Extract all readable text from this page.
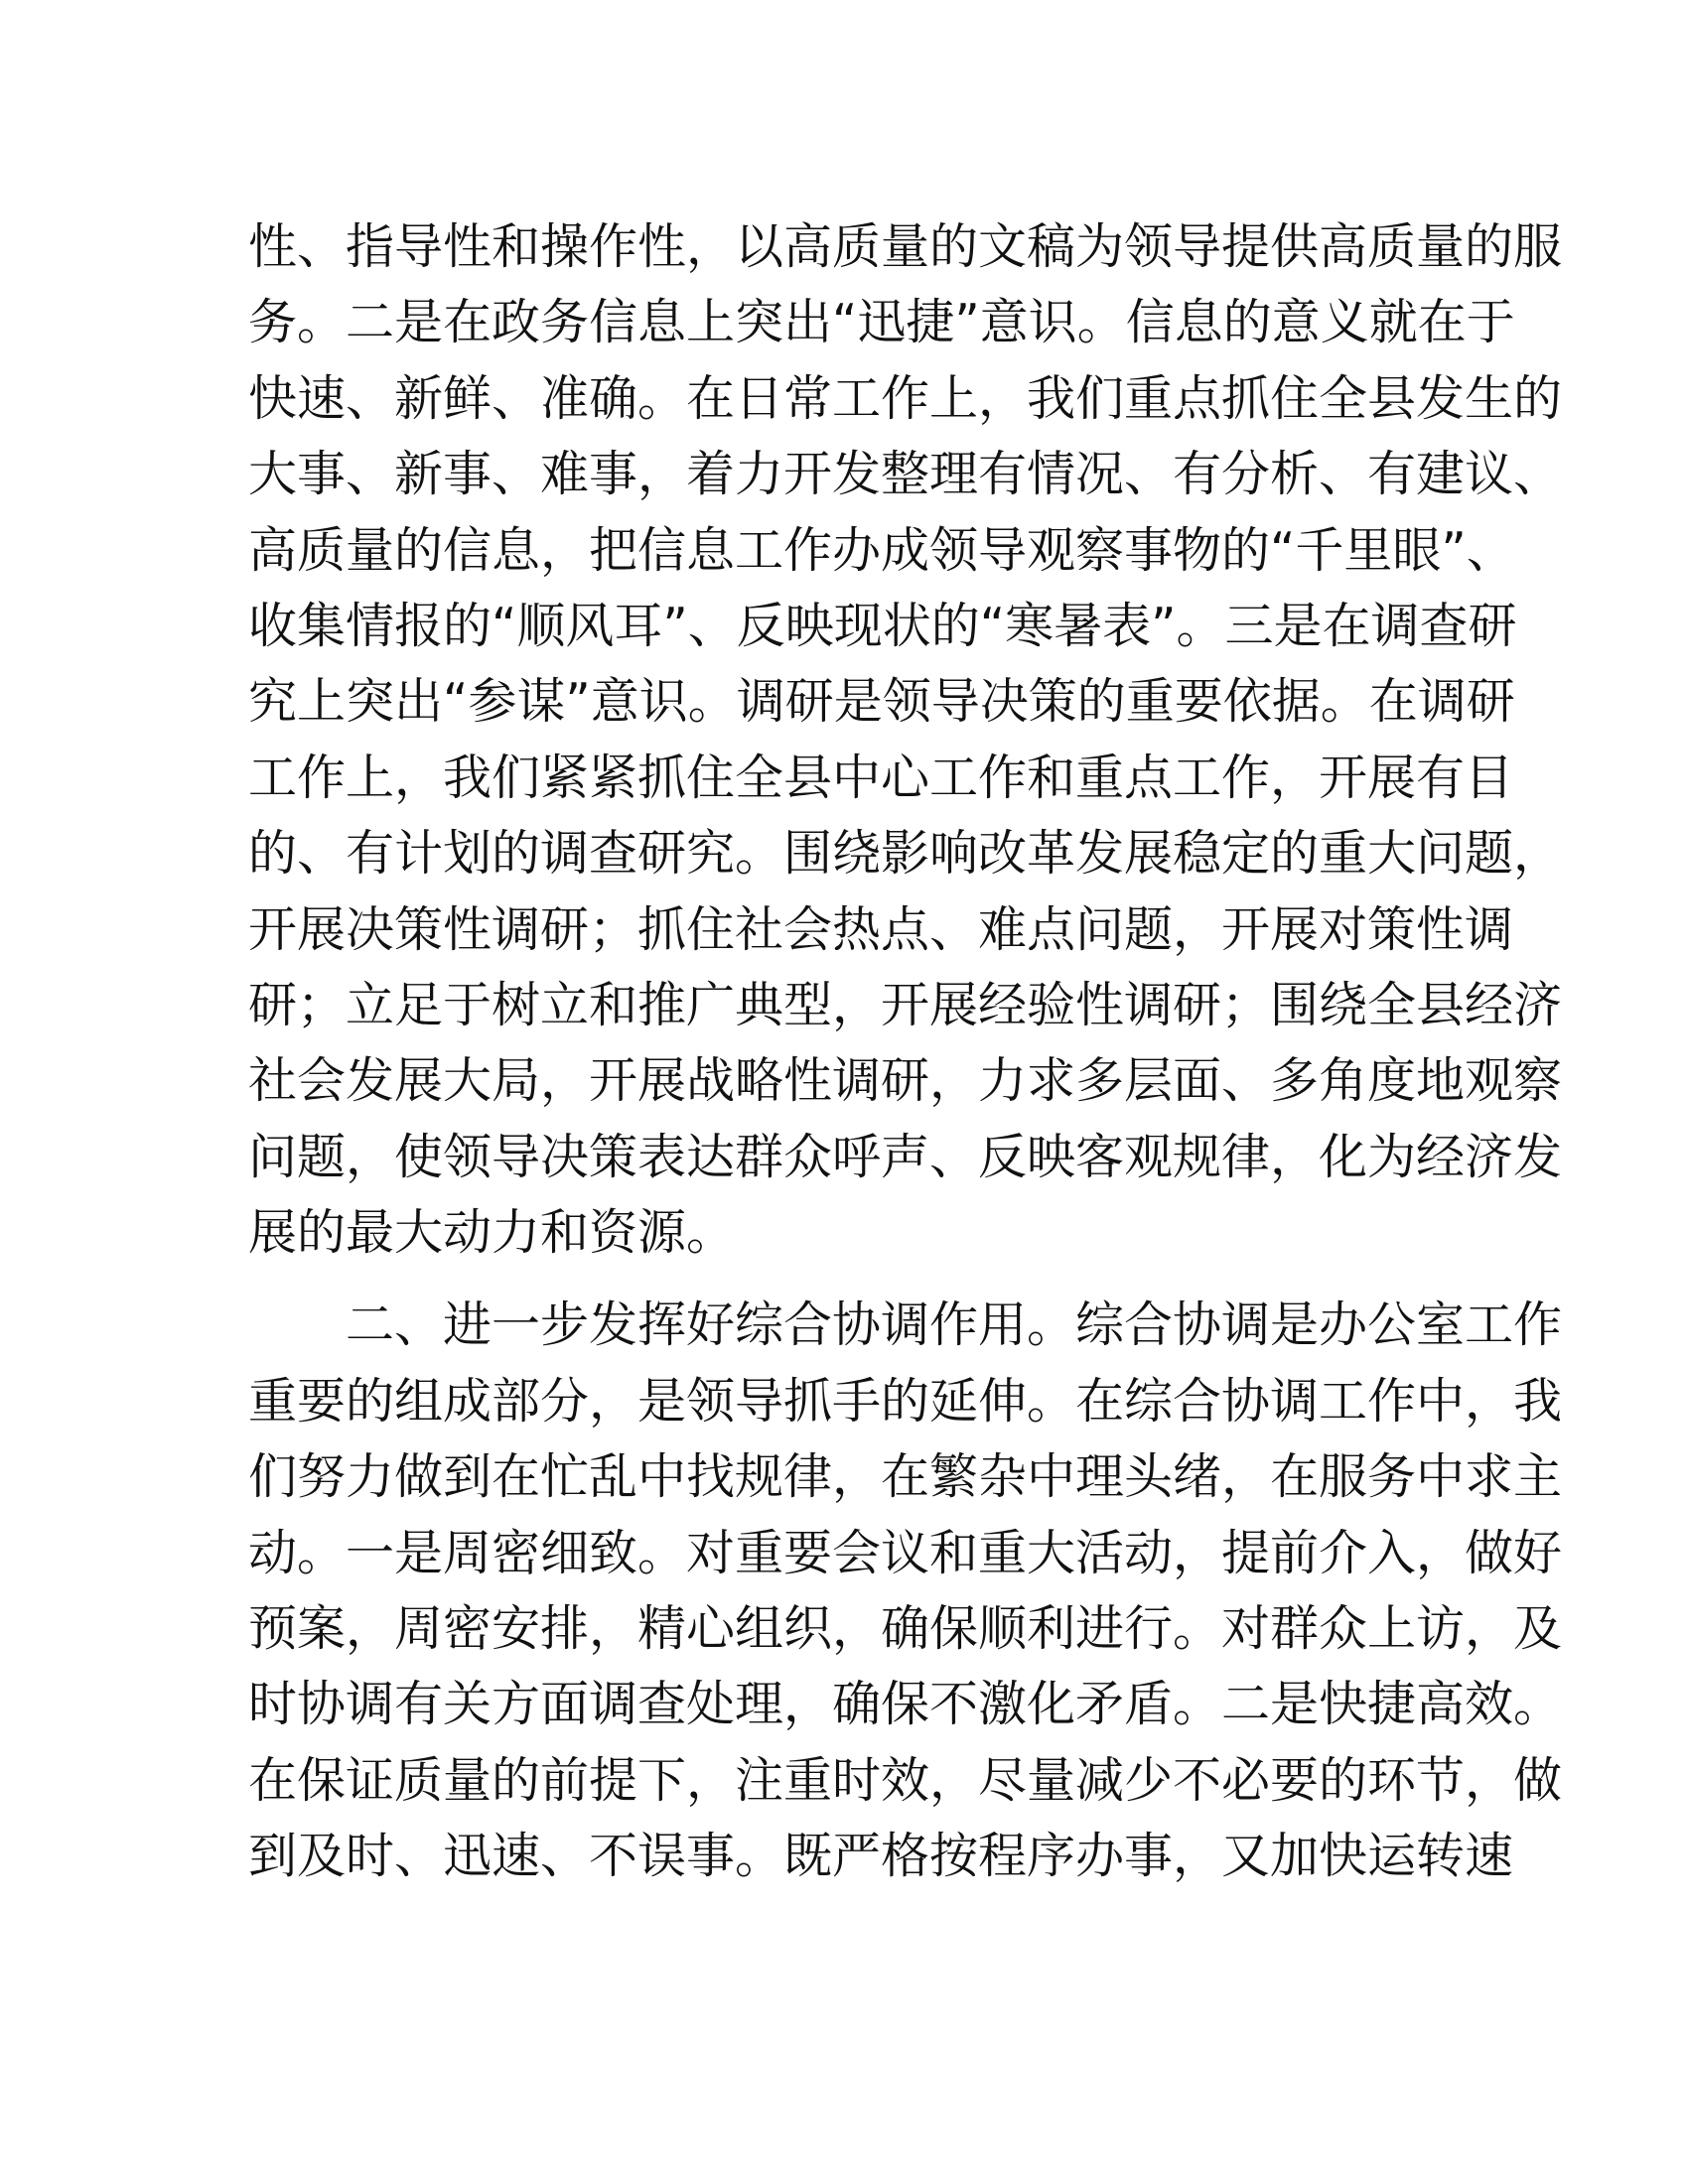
性、指导性和操作性，以高质量的文稿为领导提供高质量的服
务。二是在政务信息上突出“迅捷”意识。信息的意义就在于
快速、新鲜、准确。在日常工作上，我们重点抓住全县发生的
大事、新事、难事，着力开发整理有情况、有分析、有建议、
高质量的信息，把信息工作办成领导观察事物的“千里眼”、
收集情报的“顺风耳”、反映现状的“寒暑表”。三是在调查研
究上突出“参谋”意识。调研是领导决策的重要依据。在调研
工作上，我们紧紧抓住全县中心工作和重点工作，开展有目
的、有计划的调查研究。围绕影响改革发展稳定的重大问题，
开展决策性调研；抓住社会热点、难点问题，开展对策性调
研；立足于树立和推广典型，开展经验性调研；围绕全县经济
社会发展大局，开展战略性调研，力求多层面、多角度地观察
问题，使领导决策表达群众呼声、反映客观规律，化为经济发
展的最大动力和资源。
二、进一步发挥好综合协调作用。综合协调是办公室工作
重要的组成部分，是领导抓手的延伸。在综合协调工作中，我
们努力做到在忙乱中找规律，在繁杂中理头绪，在服务中求主
动。一是周密细致。对重要会议和重大活动，提前介入，做好
预案，周密安排，精心组织，确保顺利进行。对群众上访，及
时协调有关方面调查处理，确保不激化矛盾。二是快捷高效。
在保证质量的前提下，注重时效，尽量减少不必要的环节，做
到及时、迅速、不误事。既严格按程序办事，又加快运转速
